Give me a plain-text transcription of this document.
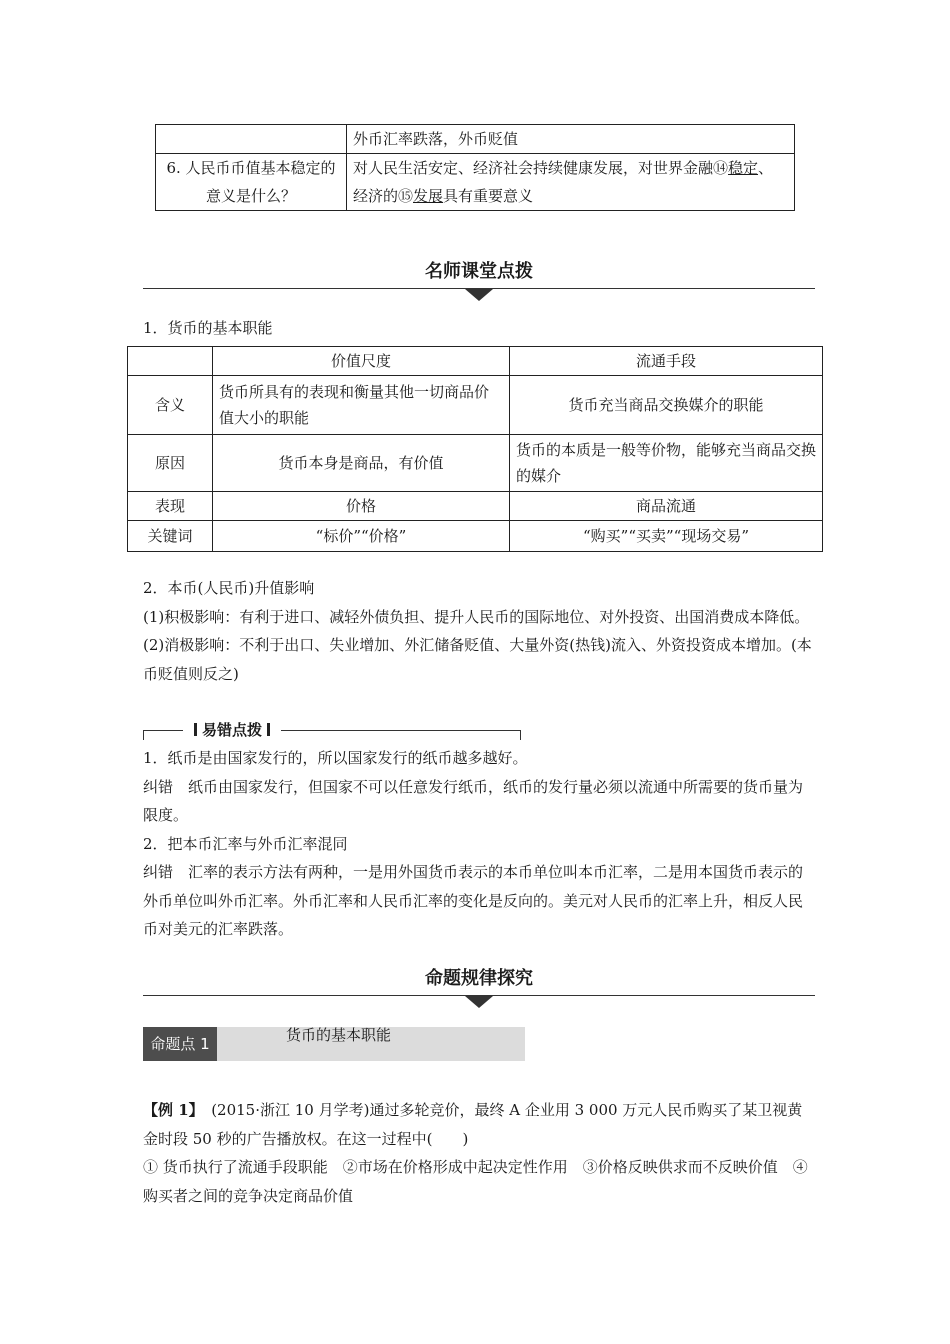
	外币汇率跌落，外币贬值
6. 人民币币值基本稳定的意义是什么？	对人民生活安定、经济社会持续健康发展，对世界金融⑭稳定、经济的⑮发展具有重要意义
名师课堂点拨
1．货币的基本职能
	价值尺度	流通手段
含义	货币所具有的表现和衡量其他一切商品价值大小的职能	货币充当商品交换媒介的职能
原因	货币本身是商品，有价值	货币的本质是一般等价物，能够充当商品交换的媒介
表现	价格	商品流通
关键词	“标价”“价格”	“购买”“买卖”“现场交易”

2．本币(人民币)升值影响

(1)积极影响：有利于进口、减轻外债负担、提升人民币的国际地位、对外投资、出国消费成本降低。

(2)消极影响：不利于出口、失业增加、外汇储备贬值、大量外资(热钱)流入、外资投资成本增加。(本币贬值则反之)

易错点拨

1．纸币是由国家发行的，所以国家发行的纸币越多越好。

纠错　纸币由国家发行，但国家不可以任意发行纸币，纸币的发行量必须以流通中所需要的货币量为限度。

2．把本币汇率与外币汇率混同

纠错　汇率的表示方法有两种，一是用外国货币表示的本币单位叫本币汇率，二是用本国货币表示的外币单位叫外币汇率。外币汇率和人民币汇率的变化是反向的。美元对人民币的汇率上升，相反人民币对美元的汇率跌落。

命题规律探究
命题点 1	货币的基本职能

【例 1】　 (2015·浙江 10 月学考)通过多轮竞价，最终 A 企业用 3 000 万元人民币购买了某卫视黄金时段 50 秒的广告播放权。在这一过程中(　　)

① 货币执行了流通手段职能　②市场在价格形成中起决定性作用　③价格反映供求而不反映价值　④购买者之间的竞争决定商品价值
